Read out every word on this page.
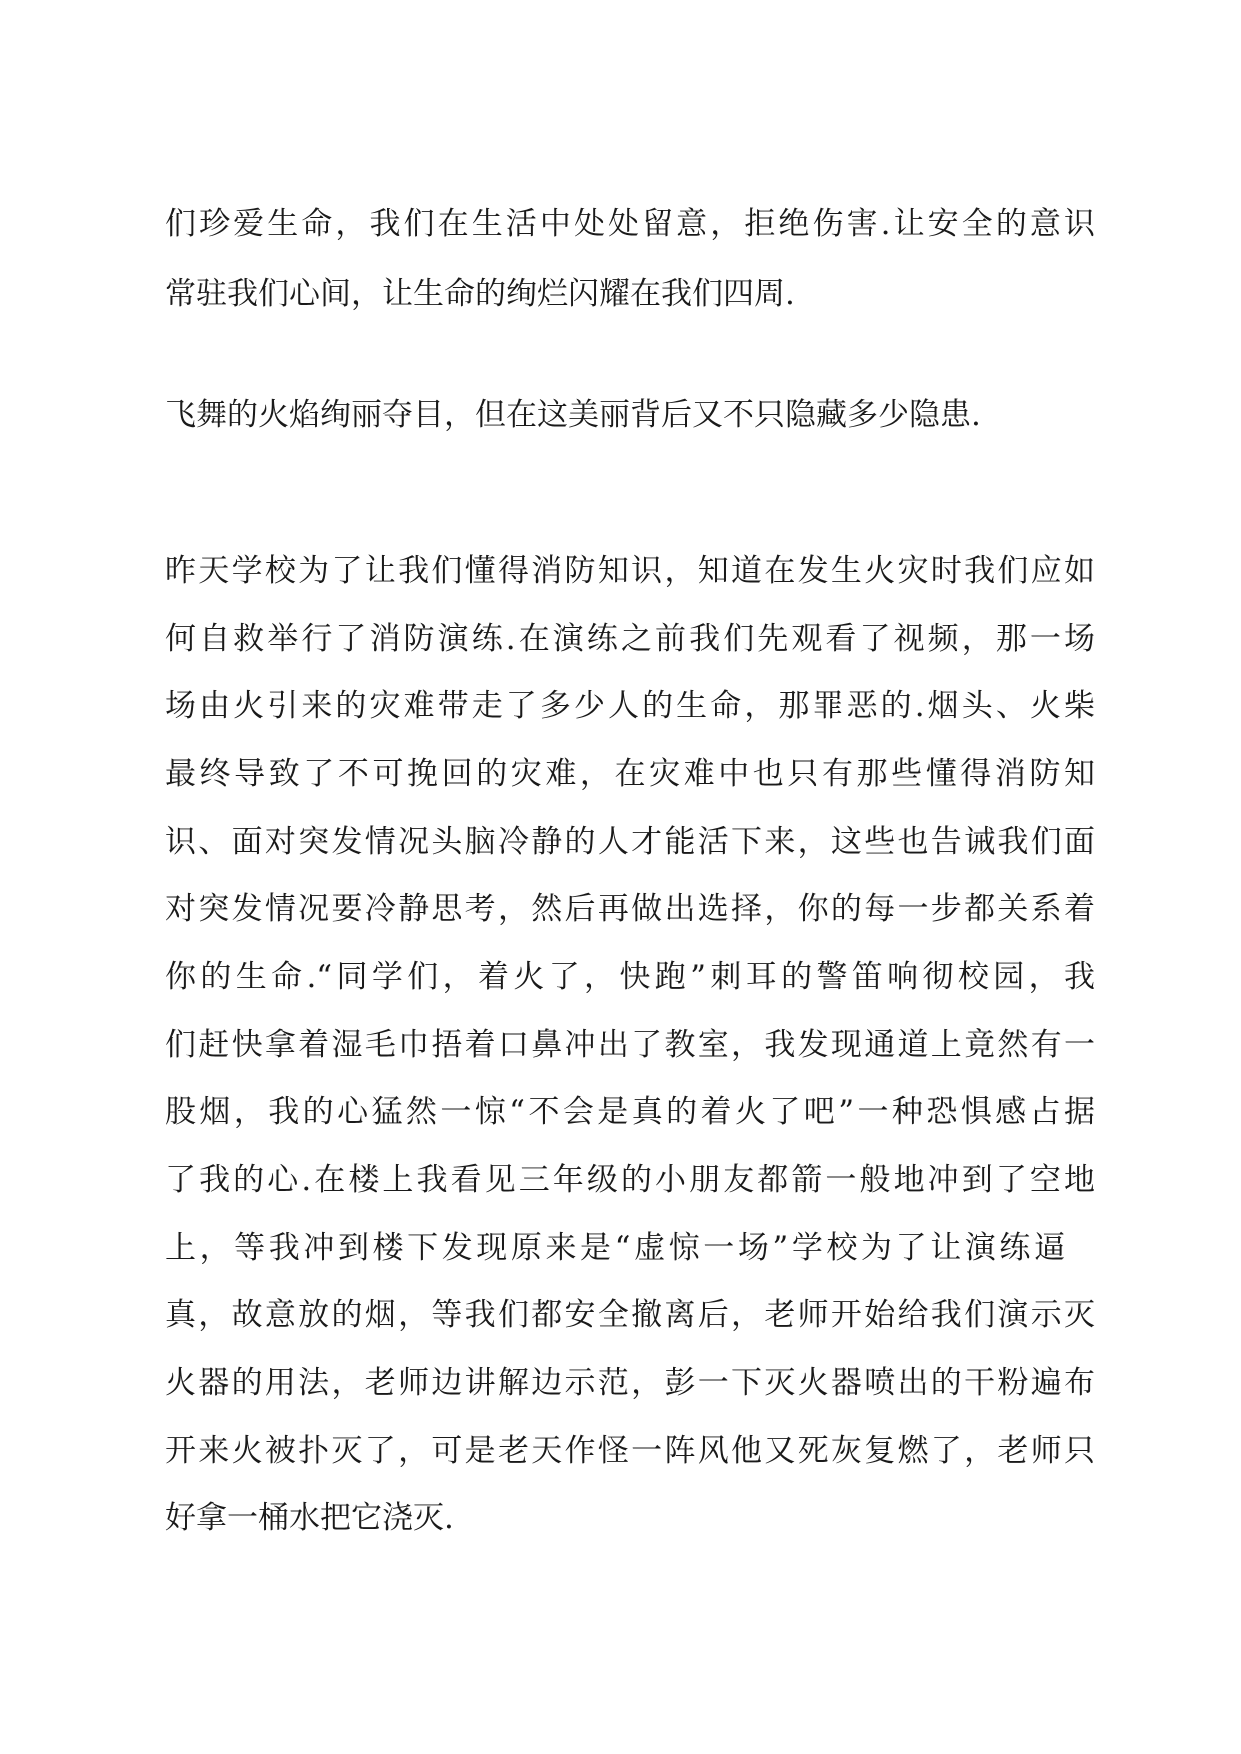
们珍爱生命，我们在生活中处处留意，拒绝伤害.让安全的意识
常驻我们心间，让生命的绚烂闪耀在我们四周.
飞舞的火焰绚丽夺目，但在这美丽背后又不只隐藏多少隐患.
昨天学校为了让我们懂得消防知识，知道在发生火灾时我们应如
何自救举行了消防演练.在演练之前我们先观看了视频，那一场
场由火引来的灾难带走了多少人的生命，那罪恶的.烟头、火柴
最终导致了不可挽回的灾难，在灾难中也只有那些懂得消防知
识、面对突发情况头脑冷静的人才能活下来，这些也告诫我们面
对突发情况要冷静思考，然后再做出选择，你的每一步都关系着
你的生命.“同学们，着火了，快跑”刺耳的警笛响彻校园，我
们赶快拿着湿毛巾捂着口鼻冲出了教室，我发现通道上竟然有一
股烟，我的心猛然一惊“不会是真的着火了吧”一种恐惧感占据
了我的心.在楼上我看见三年级的小朋友都箭一般地冲到了空地
上，等我冲到楼下发现原来是“虚惊一场”学校为了让演练逼
真，故意放的烟，等我们都安全撤离后，老师开始给我们演示灭
火器的用法，老师边讲解边示范，彭一下灭火器喷出的干粉遍布
开来火被扑灭了，可是老天作怪一阵风他又死灰复燃了，老师只
好拿一桶水把它浇灭.
